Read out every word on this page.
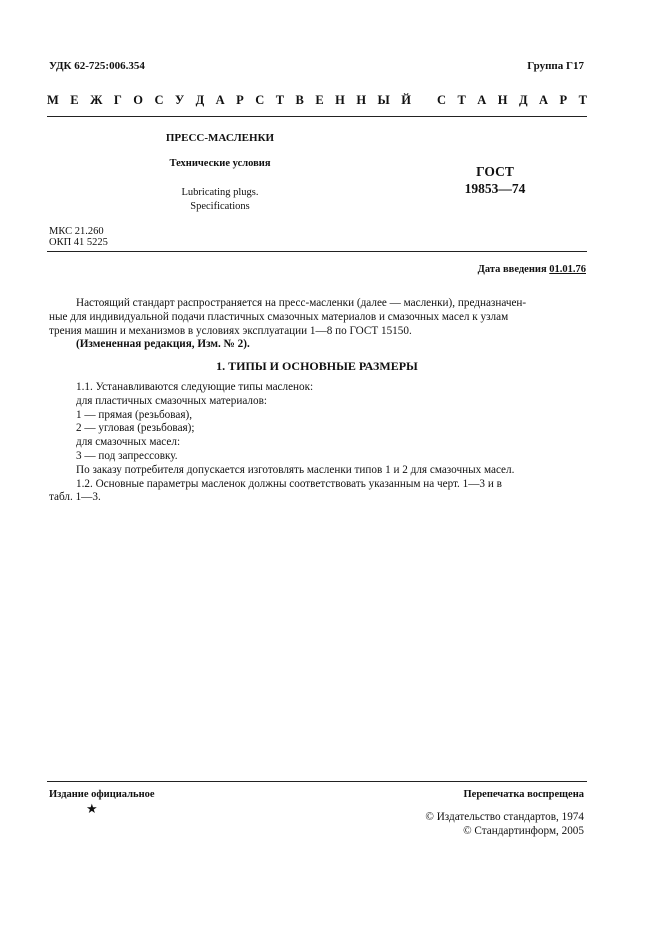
УДК 62-725:006.354	Группа Г17
М Е Ж Г О С У Д А Р С Т В Е Н Н Ы Й
С Т А Н Д А Р Т
ПРЕСС-МАСЛЕНКИ
Технические условия
Lubricating plugs.
Specifications
ГОСТ
19853—74
МКС 21.260
ОКП 41 5225
Дата введения 01.01.76

Настоящий стандарт распространяется на пресс-масленки (далее — масленки), предназначен-

ные для индивидуальной подачи пластичных смазочных материалов и смазочных масел к узлам

трения машин и механизмов в условиях эксплуатации 1—8 по ГОСТ 15150.

(Измененная редакция, Изм. № 2).

1. ТИПЫ И ОСНОВНЫЕ РАЗМЕРЫ

1.1. Устанавливаются следующие типы масленок:

для пластичных смазочных материалов:

1 — прямая (резьбовая),

2 — угловая (резьбовая);

для смазочных масел:

3 — под запрессовку.

По заказу потребителя допускается изготовлять масленки типов 1 и 2 для смазочных масел.

1.2. Основные параметры масленок должны соответствовать указанным на черт. 1—3 и в

табл. 1—3.

Издание официальное	Перепечатка воспрещена
★
© Издательство стандартов, 1974
© Стандартинформ, 2005
